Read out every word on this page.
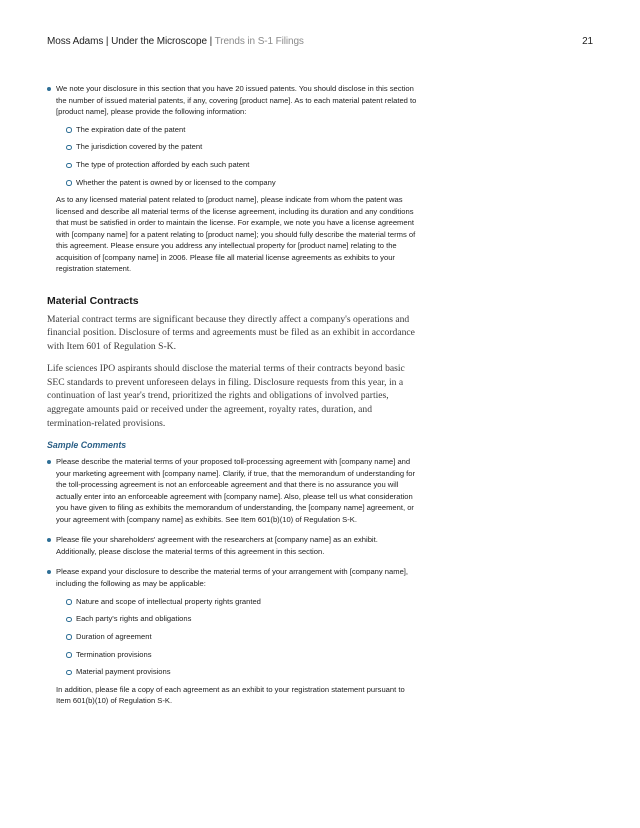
Moss Adams | Under the Microscope | Trends in S-1 Filings	21
We note your disclosure in this section that you have 20 issued patents. You should disclose in this section the number of issued material patents, if any, covering [product name]. As to each material patent related to [product name], please provide the following information:
The expiration date of the patent
The jurisdiction covered by the patent
The type of protection afforded by each such patent
Whether the patent is owned by or licensed to the company
As to any licensed material patent related to [product name], please indicate from whom the patent was licensed and describe all material terms of the license agreement, including its duration and any conditions that must be satisfied in order to maintain the license. For example, we note you have a license agreement with [company name] for a patent relating to [product name]; you should fully describe the material terms of this agreement. Please ensure you address any intellectual property for [product name] relating to the acquisition of [company name] in 2006. Please file all material license agreements as exhibits to your registration statement.
Material Contracts
Material contract terms are significant because they directly affect a company's operations and financial position. Disclosure of terms and agreements must be filed as an exhibit in accordance with Item 601 of Regulation S-K.
Life sciences IPO aspirants should disclose the material terms of their contracts beyond basic SEC standards to prevent unforeseen delays in filing. Disclosure requests from this year, in a continuation of last year's trend, prioritized the rights and obligations of involved parties, aggregate amounts paid or received under the agreement, royalty rates, duration, and termination-related provisions.
Sample Comments
Please describe the material terms of your proposed toll-processing agreement with [company name] and your marketing agreement with [company name]. Clarify, if true, that the memorandum of understanding for the toll-processing agreement is not an enforceable agreement and that there is no assurance you will actually enter into an enforceable agreement with [company name]. Also, please tell us what consideration you have given to filing as exhibits the memorandum of understanding, the [company name] agreement, or your agreement with [company name] as exhibits. See Item 601(b)(10) of Regulation S-K.
Please file your shareholders' agreement with the researchers at [company name] as an exhibit. Additionally, please disclose the material terms of this agreement in this section.
Please expand your disclosure to describe the material terms of your arrangement with [company name], including the following as may be applicable:
Nature and scope of intellectual property rights granted
Each party's rights and obligations
Duration of agreement
Termination provisions
Material payment provisions
In addition, please file a copy of each agreement as an exhibit to your registration statement pursuant to Item 601(b)(10) of Regulation S-K.
